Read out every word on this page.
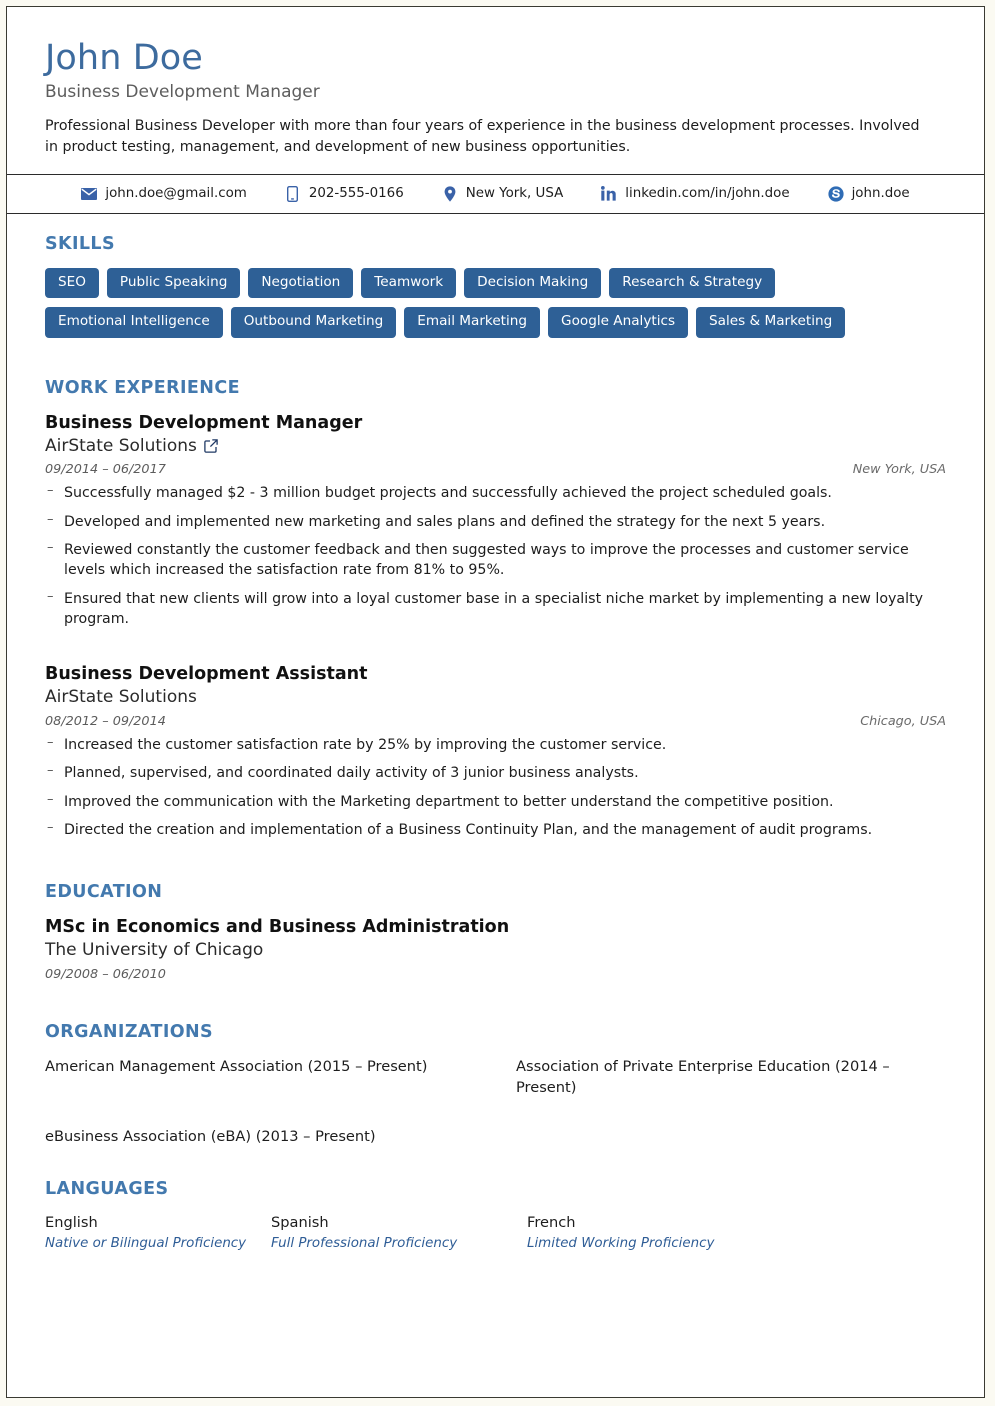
John Doe
Business Development Manager
Professional Business Developer with more than four years of experience in the business development processes. Involved in product testing, management, and development of new business opportunities.
john.doe@gmail.com	202-555-0166	New York, USA	linkedin.com/in/john.doe	john.doe
SKILLS
SEO	Public Speaking	Negotiation	Teamwork	Decision Making	Research & Strategy
Emotional Intelligence	Outbound Marketing	Email Marketing	Google Analytics	Sales & Marketing
WORK EXPERIENCE
Business Development Manager
AirState Solutions
09/2014 – 06/2017	New York, USA
– Successfully managed $2 - 3 million budget projects and successfully achieved the project scheduled goals.
– Developed and implemented new marketing and sales plans and defined the strategy for the next 5 years.
– Reviewed constantly the customer feedback and then suggested ways to improve the processes and customer service levels which increased the satisfaction rate from 81% to 95%.
– Ensured that new clients will grow into a loyal customer base in a specialist niche market by implementing a new loyalty program.
Business Development Assistant
AirState Solutions
08/2012 – 09/2014	Chicago, USA
– Increased the customer satisfaction rate by 25% by improving the customer service.
– Planned, supervised, and coordinated daily activity of 3 junior business analysts.
– Improved the communication with the Marketing department to better understand the competitive position.
– Directed the creation and implementation of a Business Continuity Plan, and the management of audit programs.
EDUCATION
MSc in Economics and Business Administration
The University of Chicago
09/2008 – 06/2010
ORGANIZATIONS
American Management Association (2015 – Present)	Association of Private Enterprise Education (2014 – Present)
eBusiness Association (eBA) (2013 – Present)
LANGUAGES
English
Native or Bilingual Proficiency
Spanish
Full Professional Proficiency
French
Limited Working Proficiency
